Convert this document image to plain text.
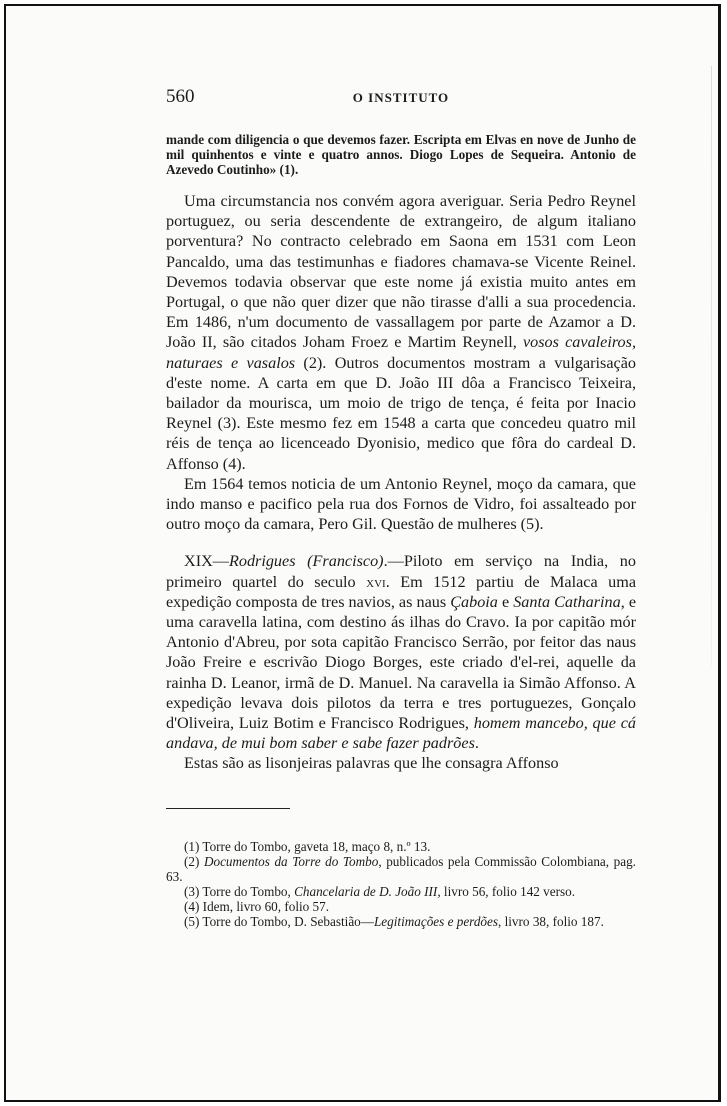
560	O INSTITUTO
mande com diligencia o que devemos fazer. Escripta em Elvas en nove de Junho de mil quinhentos e vinte e quatro annos. Diogo Lopes de Sequeira. Antonio de Azevedo Coutinho» (1).

Uma circumstancia nos convém agora averiguar. Seria Pedro Reynel portuguez, ou seria descendente de extrangeiro, de algum italiano porventura? No contracto celebrado em Saona em 1531 com Leon Pancaldo, uma das testimunhas e fiadores chamava-se Vicente Reinel. Devemos todavia observar que este nome já existia muito antes em Portugal, o que não quer dizer que não tirasse d'alli a sua procedencia. Em 1486, n'um documento de vassallagem por parte de Azamor a D. João II, são citados Joham Froez e Martim Reynell, vosos cavaleiros, naturaes e vasalos (2). Outros documentos mostram a vulgarisação d'este nome. A carta em que D. João III dôa a Francisco Teixeira, bailador da mourisca, um moio de trigo de tença, é feita por Inacio Reynel (3). Este mesmo fez em 1548 a carta que concedeu quatro mil réis de tença ao licenceado Dyonisio, medico que fôra do cardeal D. Affonso (4).

Em 1564 temos noticia de um Antonio Reynel, moço da camara, que indo manso e pacifico pela rua dos Fornos de Vidro, foi assalteado por outro moço da camara, Pero Gil. Questão de mulheres (5).

XIX—Rodrigues (Francisco).—Piloto em serviço na India, no primeiro quartel do seculo xvi. Em 1512 partiu de Malaca uma expedição composta de tres navios, as naus Çaboia e Santa Catharina, e uma caravella latina, com destino ás ilhas do Cravo. Ia por capitão mór Antonio d'Abreu, por sota capitão Francisco Serrão, por feitor das naus João Freire e escrivão Diogo Borges, este criado d'el-rei, aquelle da rainha D. Leanor, irmã de D. Manuel. Na caravella ia Simão Affonso. A expedição levava dois pilotos da terra e tres portuguezes, Gonçalo d'Oliveira, Luiz Botim e Francisco Rodrigues, homem mancebo, que cá andava, de mui bom saber e sabe fazer padrões.

Estas são as lisonjeiras palavras que lhe consagra Affonso

(1) Torre do Tombo, gaveta 18, maço 8, n.º 13.

(2) Documentos da Torre do Tombo, publicados pela Commissão Colombiana, pag. 63.

(3) Torre do Tombo, Chancelaria de D. João III, livro 56, folio 142 verso.

(4) Idem, livro 60, folio 57.

(5) Torre do Tombo, D. Sebastião—Legitimações e perdões, livro 38, folio 187.
